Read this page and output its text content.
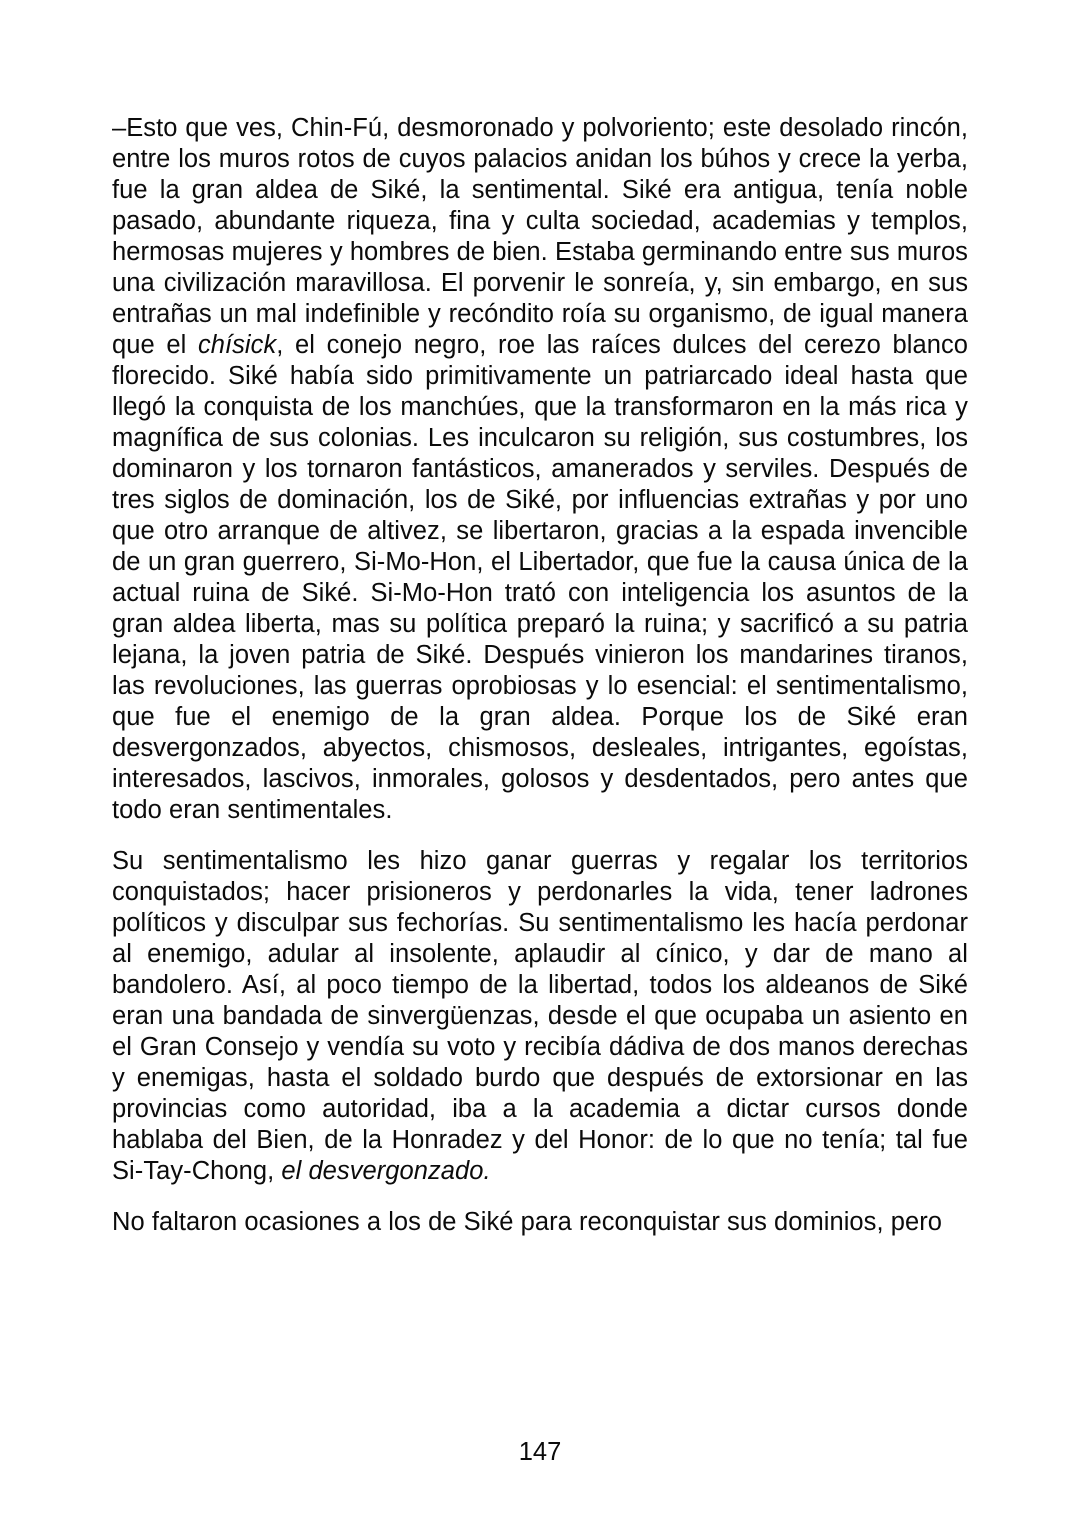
–Esto que ves, Chin-Fú, desmoronado y polvoriento; este desolado rincón, entre los muros rotos de cuyos palacios anidan los búhos y crece la yerba, fue la gran aldea de Siké, la sentimental. Siké era antigua, tenía noble pasado, abundante riqueza, fina y culta sociedad, academias y templos, hermosas mujeres y hombres de bien. Estaba germinando entre sus muros una civilización maravillosa. El porvenir le sonreía, y, sin embargo, en sus entrañas un mal indefinible y recóndito roía su organismo, de igual manera que el chísick, el conejo negro, roe las raíces dulces del cerezo blanco florecido. Siké había sido primitivamente un patriarcado ideal hasta que llegó la conquista de los manchúes, que la transformaron en la más rica y magnífica de sus colonias. Les inculcaron su religión, sus costumbres, los dominaron y los tornaron fantásticos, amanerados y serviles. Después de tres siglos de dominación, los de Siké, por influencias extrañas y por uno que otro arranque de altivez, se libertaron, gracias a la espada invencible de un gran guerrero, Si-Mo-Hon, el Libertador, que fue la causa única de la actual ruina de Siké. Si-Mo-Hon trató con inteligencia los asuntos de la gran aldea liberta, mas su política preparó la ruina; y sacrificó a su patria lejana, la joven patria de Siké. Después vinieron los mandarines tiranos, las revoluciones, las guerras oprobiosas y lo esencial: el sentimentalismo, que fue el enemigo de la gran aldea. Porque los de Siké eran desvergonzados, abyectos, chismosos, desleales, intrigantes, egoístas, interesados, lascivos, inmorales, golosos y desdentados, pero antes que todo eran sentimentales.

Su sentimentalismo les hizo ganar guerras y regalar los territorios conquistados; hacer prisioneros y perdonarles la vida, tener ladrones políticos y disculpar sus fechorías. Su sentimentalismo les hacía perdonar al enemigo, adular al insolente, aplaudir al cínico, y dar de mano al bandolero. Así, al poco tiempo de la libertad, todos los aldeanos de Siké eran una bandada de sinvergüenzas, desde el que ocupaba un asiento en el Gran Consejo y vendía su voto y recibía dádiva de dos manos derechas y enemigas, hasta el soldado burdo que después de extorsionar en las provincias como autoridad, iba a la academia a dictar cursos donde hablaba del Bien, de la Honradez y del Honor: de lo que no tenía; tal fue Si-Tay-Chong, el desvergonzado.

No faltaron ocasiones a los de Siké para reconquistar sus dominios, pero

147
